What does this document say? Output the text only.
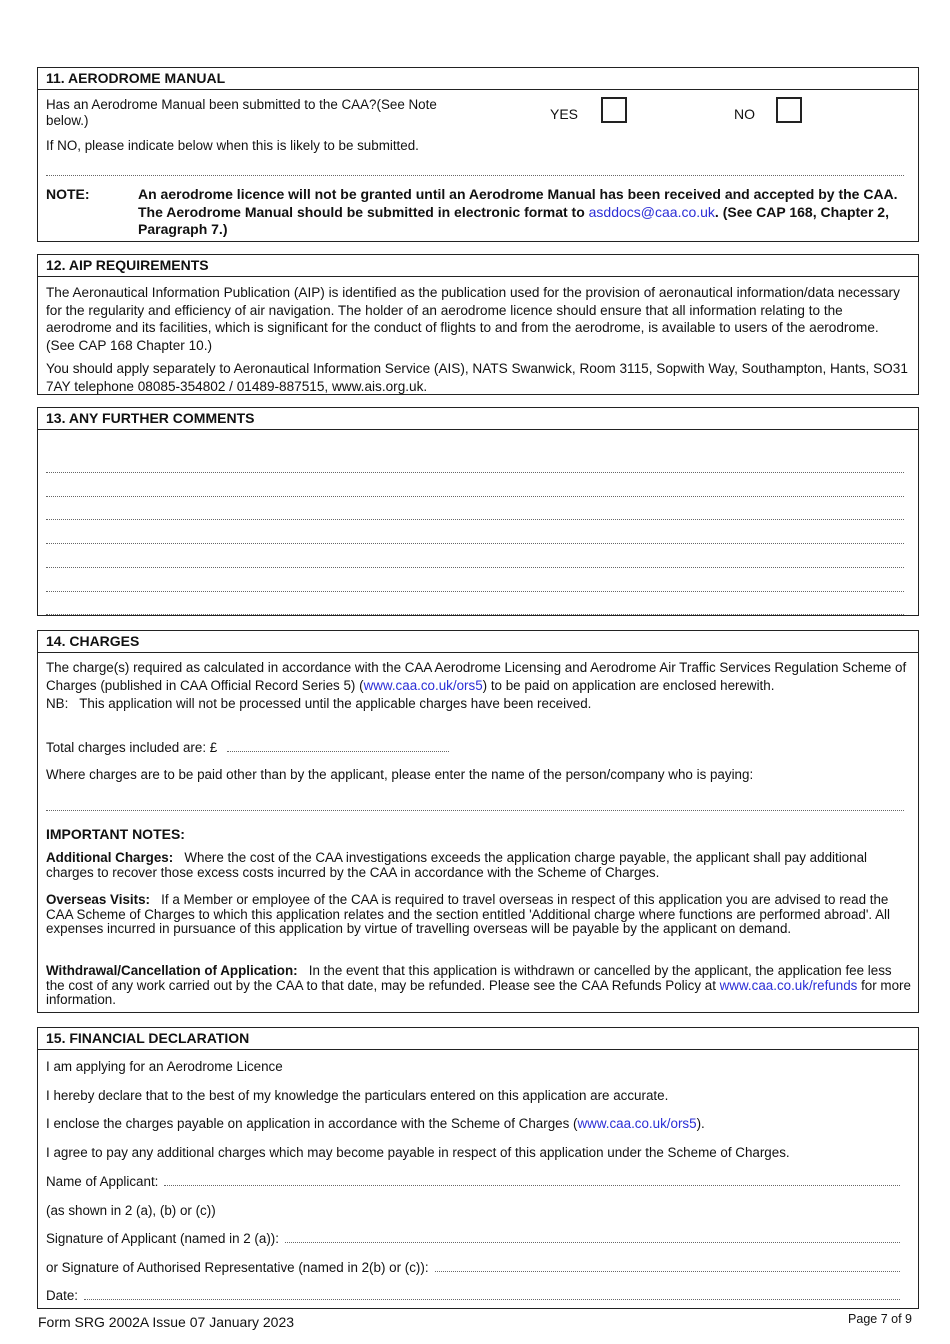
11. AERODROME MANUAL
Has an Aerodrome Manual been submitted to the CAA?(See Note
below.)	YES	NO
If NO, please indicate below when this is likely to be submitted.
NOTE:	An aerodrome licence will not be granted until an Aerodrome Manual has been received and accepted by the CAA. The Aerodrome Manual should be submitted in electronic format to asddocs@caa.co.uk. (See CAP 168, Chapter 2, Paragraph 7.)
12. AIP REQUIREMENTS

The Aeronautical Information Publication (AIP) is identified as the publication used for the provision of aeronautical information/data necessary for the regularity and efficiency of air navigation. The holder of an aerodrome licence should ensure that all information relating to the aerodrome and its facilities, which is significant for the conduct of flights to and from the aerodrome, is available to users of the aerodrome. (See CAP 168 Chapter 10.)

You should apply separately to Aeronautical Information Service (AIS), NATS Swanwick, Room 3115, Sopwith Way, Southampton, Hants, SO31 7AY telephone 08085-354802 / 01489-887515, www.ais.org.uk.

13. ANY FURTHER COMMENTS
14. CHARGES
The charge(s) required as calculated in accordance with the CAA Aerodrome Licensing and Aerodrome Air Traffic Services Regulation Scheme of Charges (published in CAA Official Record Series 5) (www.caa.co.uk/ors5) to be paid on application are enclosed herewith.
NB:   This application will not be processed until the applicable charges have been received.
Total charges included are: £
Where charges are to be paid other than by the applicant, please enter the name of the person/company who is paying:
IMPORTANT NOTES:
Additional Charges: Where the cost of the CAA investigations exceeds the application charge payable, the applicant shall pay additional charges to recover those excess costs incurred by the CAA in accordance with the Scheme of Charges.
Overseas Visits: If a Member or employee of the CAA is required to travel overseas in respect of this application you are advised to read the CAA Scheme of Charges to which this application relates and the section entitled 'Additional charge where functions are performed abroad'. All expenses incurred in pursuance of this application by virtue of travelling overseas will be payable by the applicant on demand.
Withdrawal/Cancellation of Application: In the event that this application is withdrawn or cancelled by the applicant, the application fee less the cost of any work carried out by the CAA to that date, may be refunded. Please see the CAA Refunds Policy at www.caa.co.uk/refunds for more information.
15. FINANCIAL DECLARATION
I am applying for an Aerodrome Licence
I hereby declare that to the best of my knowledge the particulars entered on this application are accurate.
I enclose the charges payable on application in accordance with the Scheme of Charges (www.caa.co.uk/ors5).
I agree to pay any additional charges which may become payable in respect of this application under the Scheme of Charges.
Name of Applicant:
(as shown in 2 (a), (b) or (c))
Signature of Applicant (named in 2 (a)):
or Signature of Authorised Representative (named in 2(b) or (c)):
Date:
Form SRG 2002A Issue 07 January 2023	Page 7 of 9
